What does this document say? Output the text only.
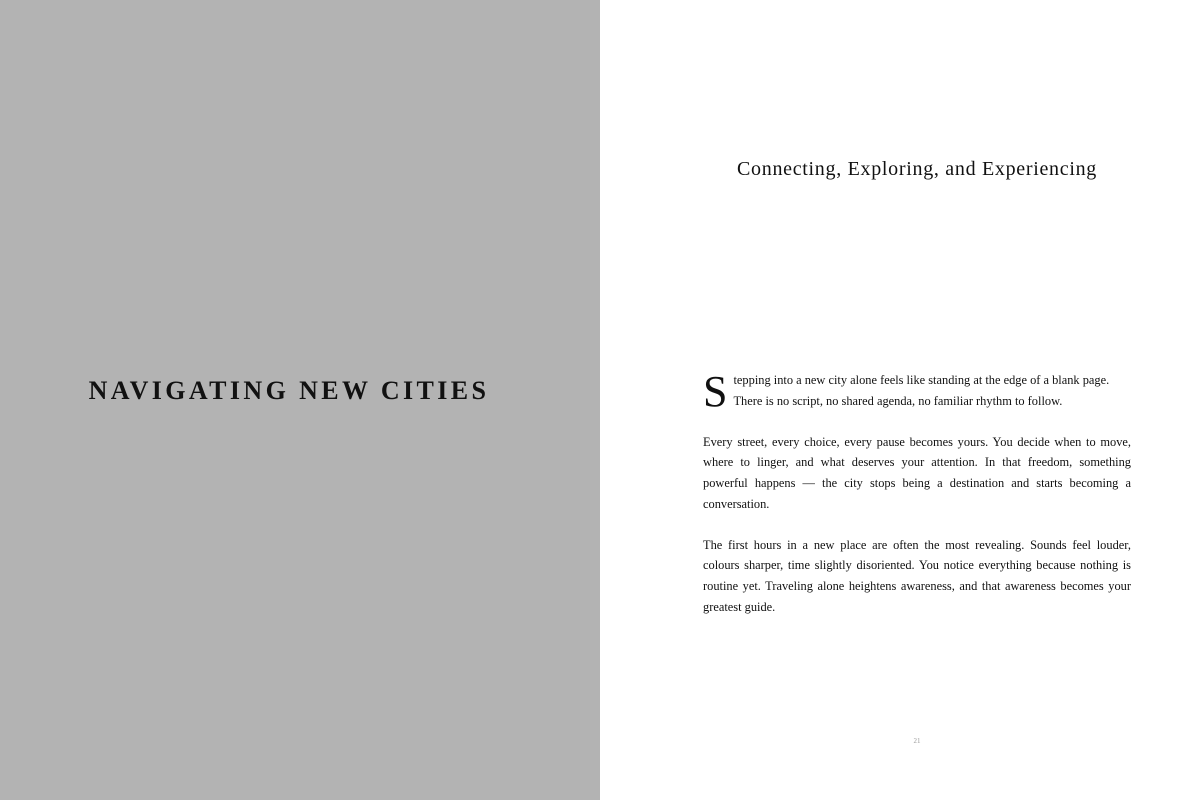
NAVIGATING NEW CITIES
Connecting, Exploring, and Experiencing

Stepping into a new city alone feels like standing at the edge of a blank page. There is no script, no shared agenda, no familiar rhythm to follow.

Every street, every choice, every pause becomes yours. You decide when to move, where to linger, and what deserves your attention. In that freedom, something powerful happens — the city stops being a destination and starts becoming a conversation.

The first hours in a new place are often the most revealing. Sounds feel louder, colours sharper, time slightly disoriented. You notice everything because nothing is routine yet. Traveling alone heightens awareness, and that awareness becomes your greatest guide.

21
